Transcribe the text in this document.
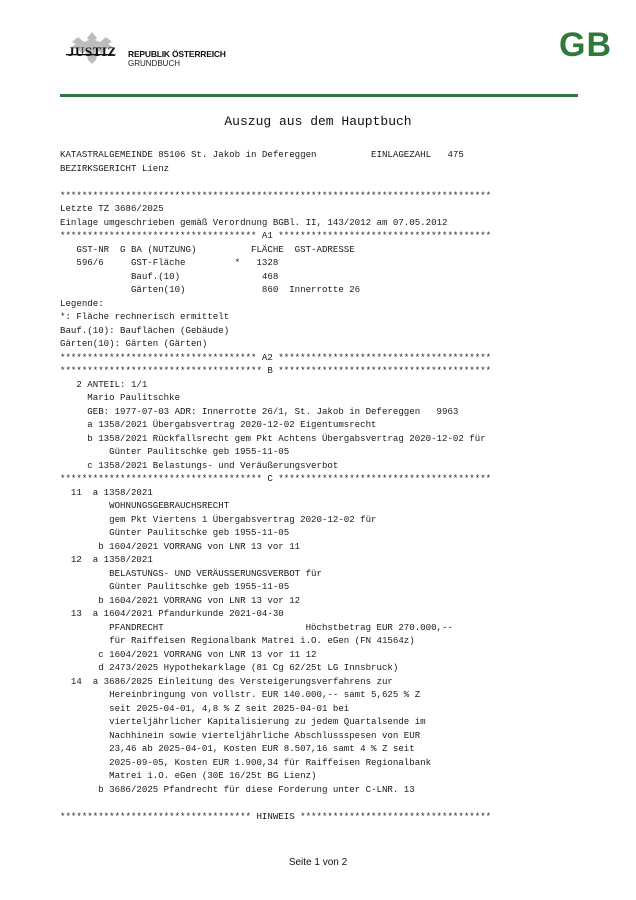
JUSTIZ REPUBLIK ÖSTERREICH
GRUNDBUCH	GB
Auszug aus dem Hauptbuch
KATASTRALGEMEINDE 85106 St. Jakob in Defereggen          EINLAGEZAHL   475
BEZIRKSGERICHT Lienz

*******************************************************************************
Letzte TZ 3686/2025
Einlage umgeschrieben gemäß Verordnung BGBl. II, 143/2012 am 07.05.2012
************************************ A1 ***************************************
GST-NR  G BA (NUTZUNG)          FLÄCHE  GST-ADRESSE
596/6     GST-Fläche         *   1328
Bauf.(10)               468
Gärten(10)              860  Innerrotte 26
Legende:
*: Fläche rechnerisch ermittelt
Bauf.(10): Bauflächen (Gebäude)
Gärten(10): Gärten (Gärten)
************************************ A2 ***************************************
************************************* B ***************************************
2 ANTEIL: 1/1
Mario Paulitschke
GEB: 1977-07-03 ADR: Innerrotte 26/1, St. Jakob in Defereggen   9963
a 1358/2021 Übergabsvertrag 2020-12-02 Eigentumsrecht
b 1358/2021 Rückfallsrecht gem Pkt Achtens Übergabsvertrag 2020-12-02 für
Günter Paulitschke geb 1955-11-05
c 1358/2021 Belastungs- und Veräußerungsverbot
************************************* C ***************************************
11  a 1358/2021
WOHNUNGSGEBRAUCHSRECHT
gem Pkt Viertens 1 Übergabsvertrag 2020-12-02 für
Günter Paulitschke geb 1955-11-05
b 1604/2021 VORRANG von LNR 13 vor 11
12  a 1358/2021
BELASTUNGS- UND VERÄUSSERUNGSVERBOT für
Günter Paulitschke geb 1955-11-05
b 1604/2021 VORRANG von LNR 13 vor 12
13  a 1604/2021 Pfandurkunde 2021-04-30
PFANDRECHT                          Höchstbetrag EUR 270.000,--
für Raiffeisen Regionalbank Matrei i.O. eGen (FN 41564z)
c 1604/2021 VORRANG von LNR 13 vor 11 12
d 2473/2025 Hypothekarklage (81 Cg 62/25t LG Innsbruck)
14  a 3686/2025 Einleitung des Versteigerungsverfahrens zur
Hereinbringung von vollstr. EUR 140.000,-- samt 5,625 % Z
seit 2025-04-01, 4,8 % Z seit 2025-04-01 bei
vierteljährlicher Kapitalisierung zu jedem Quartalsende im
Nachhinein sowie vierteljährliche Abschlussspesen von EUR
23,46 ab 2025-04-01, Kosten EUR 8.507,16 samt 4 % Z seit
2025-09-05, Kosten EUR 1.900,34 für Raiffeisen Regionalbank
Matrei i.O. eGen (30E 16/25t BG Lienz)
b 3686/2025 Pfandrecht für diese Forderung unter C-LNR. 13

*********************************** HINWEIS ***********************************
Seite 1 von 2
